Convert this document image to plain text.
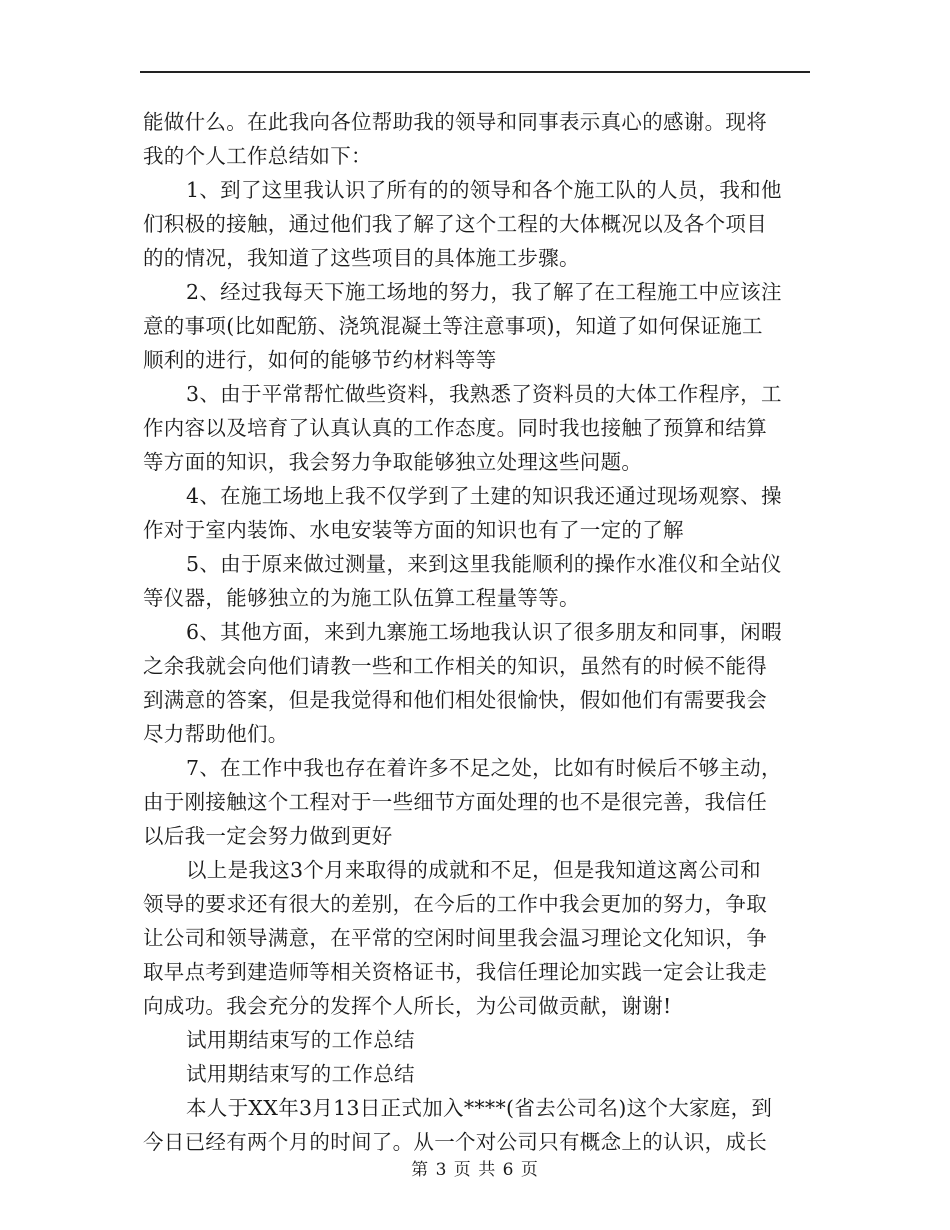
能做什么。在此我向各位帮助我的领导和同事表示真心的感谢。现将
我的个人工作总结如下：
1、到了这里我认识了所有的的领导和各个施工队的人员，我和他
们积极的接触，通过他们我了解了这个工程的大体概况以及各个项目
的的情况，我知道了这些项目的具体施工步骤。
2、经过我每天下施工场地的努力，我了解了在工程施工中应该注
意的事项(比如配筋、浇筑混凝土等注意事项)，知道了如何保证施工
顺利的进行，如何的能够节约材料等等
3、由于平常帮忙做些资料，我熟悉了资料员的大体工作程序，工
作内容以及培育了认真认真的工作态度。同时我也接触了预算和结算
等方面的知识，我会努力争取能够独立处理这些问题。
4、在施工场地上我不仅学到了土建的知识我还通过现场观察、操
作对于室内装饰、水电安装等方面的知识也有了一定的了解
5、由于原来做过测量，来到这里我能顺利的操作水准仪和全站仪
等仪器，能够独立的为施工队伍算工程量等等。
6、其他方面，来到九寨施工场地我认识了很多朋友和同事，闲暇
之余我就会向他们请教一些和工作相关的知识，虽然有的时候不能得
到满意的答案，但是我觉得和他们相处很愉快，假如他们有需要我会
尽力帮助他们。
7、在工作中我也存在着许多不足之处，比如有时候后不够主动，
由于刚接触这个工程对于一些细节方面处理的也不是很完善，我信任
以后我一定会努力做到更好
以上是我这3个月来取得的成就和不足，但是我知道这离公司和
领导的要求还有很大的差别，在今后的工作中我会更加的努力，争取
让公司和领导满意，在平常的空闲时间里我会温习理论文化知识，争
取早点考到建造师等相关资格证书，我信任理论加实践一定会让我走
向成功。我会充分的发挥个人所长，为公司做贡献，谢谢!
试用期结束写的工作总结
试用期结束写的工作总结
本人于XX年3月13日正式加入****(省去公司名)这个大家庭，到
今日已经有两个月的时间了。从一个对公司只有概念上的认识，成长
第 3 页 共 6 页
